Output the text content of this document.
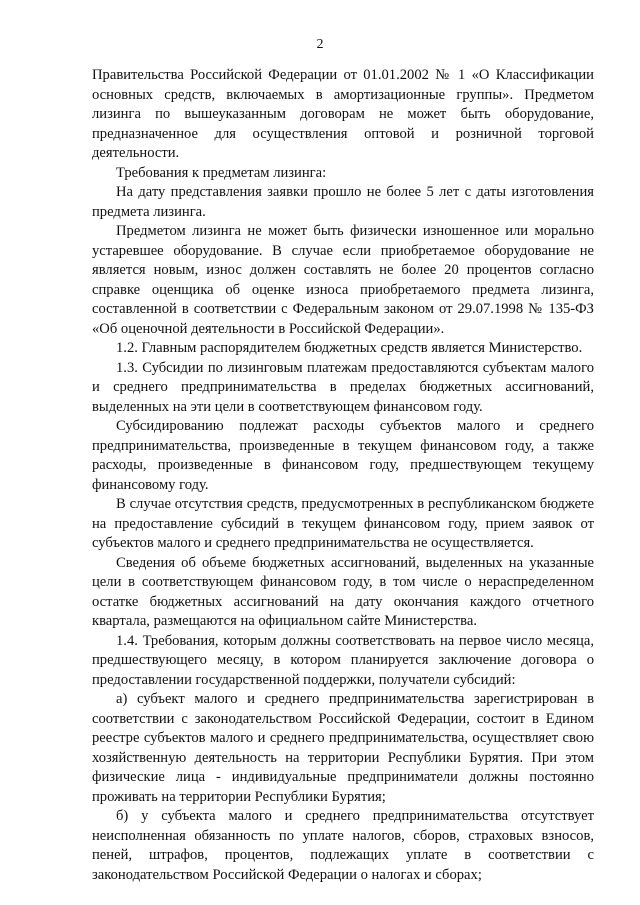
2

Правительства Российской Федерации от 01.01.2002 № 1 «О Классификации основных средств, включаемых в амортизационные группы». Предметом лизинга по вышеуказанным договорам не может быть оборудование, предназначенное для осуществления оптовой и розничной торговой деятельности.

Требования к предметам лизинга:

На дату представления заявки прошло не более 5 лет с даты изготовления предмета лизинга.

Предметом лизинга не может быть физически изношенное или морально устаревшее оборудование. В случае если приобретаемое оборудование не является новым, износ должен составлять не более 20 процентов согласно справке оценщика об оценке износа приобретаемого предмета лизинга, составленной в соответствии с Федеральным законом от 29.07.1998 № 135-ФЗ «Об оценочной деятельности в Российской Федерации».

1.2. Главным распорядителем бюджетных средств является Министерство.

1.3. Субсидии по лизинговым платежам предоставляются субъектам малого и среднего предпринимательства в пределах бюджетных ассигнований, выделенных на эти цели в соответствующем финансовом году.

Субсидированию подлежат расходы субъектов малого и среднего предпринимательства, произведенные в текущем финансовом году, а также расходы, произведенные в финансовом году, предшествующем текущему финансовому году.

В случае отсутствия средств, предусмотренных в республиканском бюджете на предоставление субсидий в текущем финансовом году, прием заявок от субъектов малого и среднего предпринимательства не осуществляется.

Сведения об объеме бюджетных ассигнований, выделенных на указанные цели в соответствующем финансовом году, в том числе о нераспределенном остатке бюджетных ассигнований на дату окончания каждого отчетного квартала, размещаются на официальном сайте Министерства.

1.4. Требования, которым должны соответствовать на первое число месяца, предшествующего месяцу, в котором планируется заключение договора о предоставлении государственной поддержки, получатели субсидий:

а) субъект малого и среднего предпринимательства зарегистрирован в соответствии с законодательством Российской Федерации, состоит в Едином реестре субъектов малого и среднего предпринимательства, осуществляет свою хозяйственную деятельность на территории Республики Бурятия. При этом физические лица - индивидуальные предприниматели должны постоянно проживать на территории Республики Бурятия;

б) у субъекта малого и среднего предпринимательства отсутствует неисполненная обязанность по уплате налогов, сборов, страховых взносов, пеней, штрафов, процентов, подлежащих уплате в соответствии с законодательством Российской Федерации о налогах и сборах;
